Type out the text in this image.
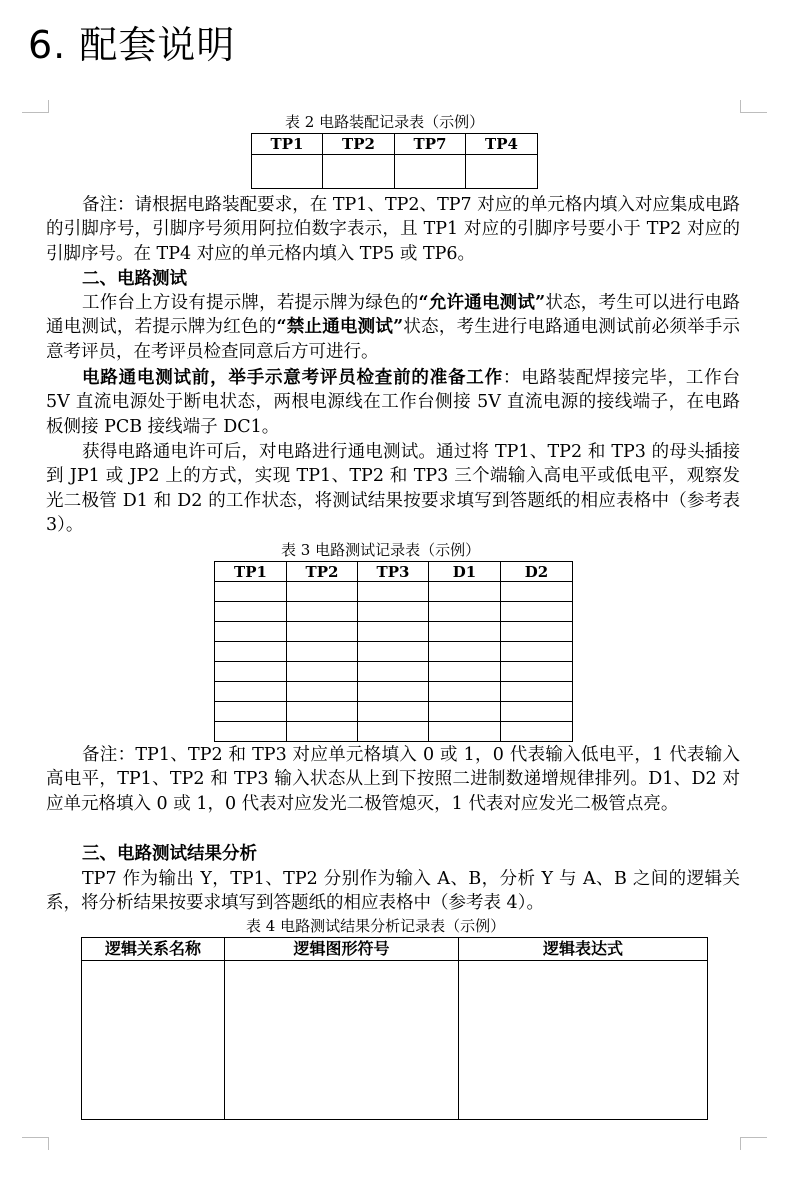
6. 配套说明
表 2 电路装配记录表（示例）
TP1	TP2	TP7	TP4

备注：请根据电路装配要求，在 TP1、TP2、TP7 对应的单元格内填入对应集成电路的引脚序号，引脚序号须用阿拉伯数字表示，且 TP1 对应的引脚序号要小于 TP2 对应的引脚序号。在 TP4 对应的单元格内填入 TP5 或 TP6。

二、电路测试

工作台上方设有提示牌，若提示牌为绿色的“允许通电测试”状态，考生可以进行电路通电测试，若提示牌为红色的“禁止通电测试”状态，考生进行电路通电测试前必须举手示意考评员，在考评员检查同意后方可进行。

电路通电测试前，举手示意考评员检查前的准备工作：电路装配焊接完毕，工作台 5V 直流电源处于断电状态，两根电源线在工作台侧接 5V 直流电源的接线端子，在电路板侧接 PCB 接线端子 DC1。

获得电路通电许可后，对电路进行通电测试。通过将 TP1、TP2 和 TP3 的母头插接到 JP1 或 JP2 上的方式，实现 TP1、TP2 和 TP3 三个端输入高电平或低电平，观察发光二极管 D1 和 D2 的工作状态，将测试结果按要求填写到答题纸的相应表格中（参考表 3）。

表 3 电路测试记录表（示例）
TP1	TP2	TP3	D1	D2

备注：TP1、TP2 和 TP3 对应单元格填入 0 或 1，0 代表输入低电平，1 代表输入高电平，TP1、TP2 和 TP3 输入状态从上到下按照二进制数递增规律排列。D1、D2 对应单元格填入 0 或 1，0 代表对应发光二极管熄灭，1 代表对应发光二极管点亮。

三、电路测试结果分析

TP7 作为输出 Y，TP1、TP2 分别作为输入 A、B，分析 Y 与 A、B 之间的逻辑关系，将分析结果按要求填写到答题纸的相应表格中（参考表 4）。

表 4 电路测试结果分析记录表（示例）
逻辑关系名称	逻辑图形符号	逻辑表达式
